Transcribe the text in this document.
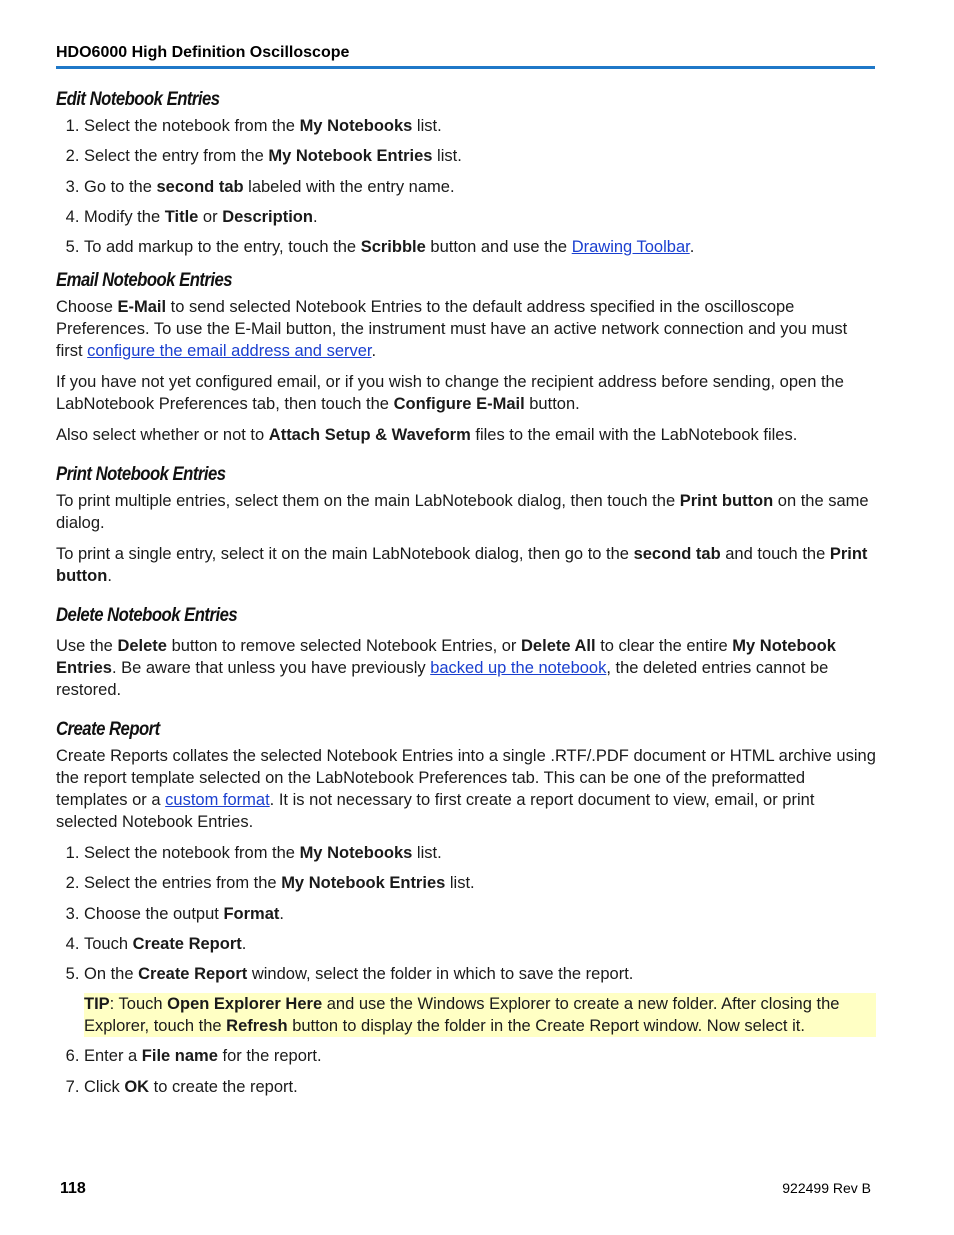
HDO6000 High Definition Oscilloscope
Edit Notebook Entries
1. Select the notebook from the My Notebooks list.
2. Select the entry from the My Notebook Entries list.
3. Go to the second tab labeled with the entry name.
4. Modify the Title or Description.
5. To add markup to the entry, touch the Scribble button and use the Drawing Toolbar.
Email Notebook Entries

Choose E-Mail to send selected Notebook Entries to the default address specified in the oscilloscope Preferences. To use the E-Mail button, the instrument must have an active network connection and you must first configure the email address and server.

If you have not yet configured email, or if you wish to change the recipient address before sending, open the LabNotebook Preferences tab, then touch the Configure E-Mail button.

Also select whether or not to Attach Setup & Waveform files to the email with the LabNotebook files.

Print Notebook Entries

To print multiple entries, select them on the main LabNotebook dialog, then touch the Print button on the same dialog.

To print a single entry, select it on the main LabNotebook dialog, then go to the second tab and touch the Print button.

Delete Notebook Entries

Use the Delete button to remove selected Notebook Entries, or Delete All to clear the entire My Notebook Entries. Be aware that unless you have previously backed up the notebook, the deleted entries cannot be restored.

Create Report

Create Reports collates the selected Notebook Entries into a single .RTF/.PDF document or HTML archive using the report template selected on the LabNotebook Preferences tab. This can be one of the preformatted templates or a custom format. It is not necessary to first create a report document to view, email, or print selected Notebook Entries.

1. Select the notebook from the My Notebooks list.
2. Select the entries from the My Notebook Entries list.
3. Choose the output Format.
4. Touch Create Report.
5. On the Create Report window, select the folder in which to save the report.
TIP: Touch Open Explorer Here and use the Windows Explorer to create a new folder. After closing the Explorer, touch the Refresh button to display the folder in the Create Report window. Now select it.
6. Enter a File name for the report.
7. Click OK to create the report.
118	922499 Rev B
